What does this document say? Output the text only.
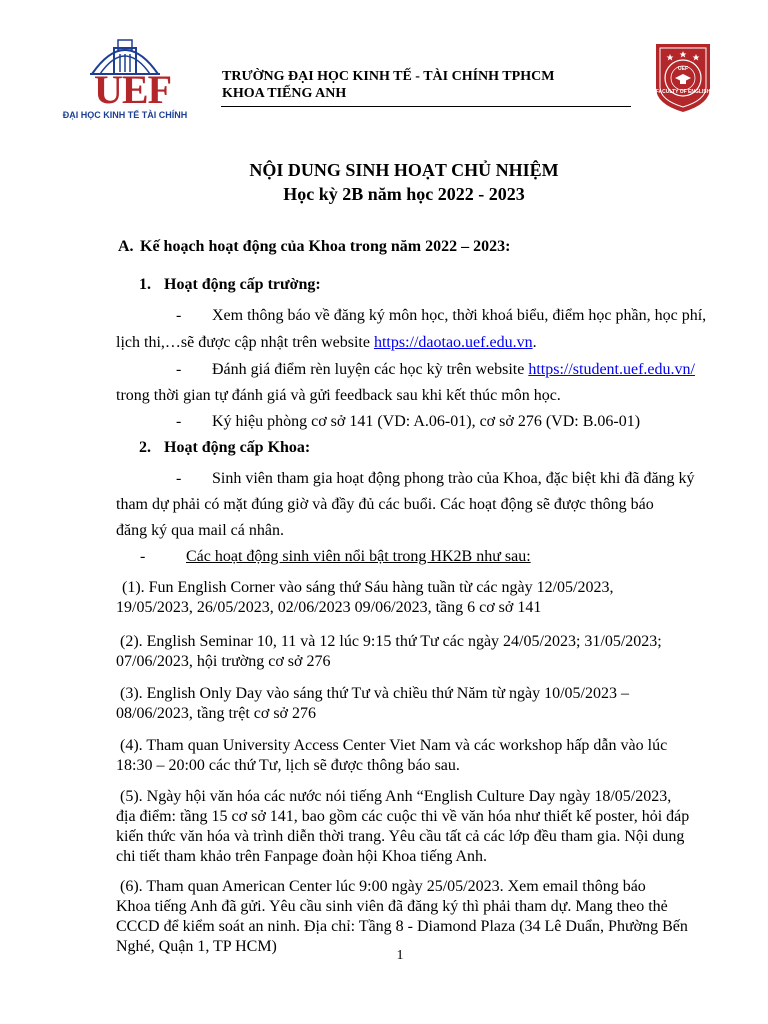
UEF
ĐẠI HỌC KINH TẾ TÀI CHÍNH
TRƯỜNG ĐẠI HỌC KINH TẾ - TÀI CHÍNH TPHCM
KHOA TIẾNG ANH
UEF
FACULTY OF ENGLISH
NỘI DUNG SINH HOẠT CHỦ NHIỆM
Học kỳ 2B năm học 2022 - 2023
A. Kế hoạch hoạt động của Khoa trong năm 2022 – 2023:
1. Hoạt động cấp trường:
- Xem thông báo về đăng ký môn học, thời khoá biểu, điểm học phần, học phí,
lịch thi,…sẽ được cập nhật trên website https://daotao.uef.edu.vn.
- Đánh giá điểm rèn luyện các học kỳ trên website https://student.uef.edu.vn/
trong thời gian tự đánh giá và gửi feedback sau khi kết thúc môn học.
- Ký hiệu phòng cơ sở 141 (VD: A.06-01), cơ sở 276 (VD: B.06-01)
2. Hoạt động cấp Khoa:
- Sinh viên tham gia hoạt động phong trào của Khoa, đặc biệt khi đã đăng ký
tham dự phải có mặt đúng giờ và đầy đủ các buổi. Các hoạt động sẽ được thông báo
đăng ký qua mail cá nhân.
-	Các hoạt động sinh viên nổi bật trong HK2B như sau:
(1). Fun English Corner vào sáng thứ Sáu hàng tuần từ các ngày 12/05/2023,
19/05/2023, 26/05/2023, 02/06/2023 09/06/2023, tầng 6 cơ sở 141
(2). English Seminar 10, 11 và 12 lúc 9:15 thứ Tư các ngày 24/05/2023; 31/05/2023;
07/06/2023, hội trường cơ sở 276
(3). English Only Day vào sáng thứ Tư và chiều thứ Năm từ ngày 10/05/2023 –
08/06/2023, tầng trệt cơ sở 276
(4). Tham quan University Access Center Viet Nam và các workshop hấp dẫn vào lúc
18:30 – 20:00 các thứ Tư, lịch sẽ được thông báo sau.
(5). Ngày hội văn hóa các nước nói tiếng Anh “English Culture Day ngày 18/05/2023,
địa điểm: tầng 15 cơ sở 141, bao gồm các cuộc thi về văn hóa như thiết kế poster, hỏi đáp
kiến thức văn hóa và trình diễn thời trang. Yêu cầu tất cả các lớp đều tham gia. Nội dung
chi tiết tham khảo trên Fanpage đoàn hội Khoa tiếng Anh.
(6). Tham quan American Center lúc 9:00 ngày 25/05/2023. Xem email thông báo
Khoa tiếng Anh đã gửi. Yêu cầu sinh viên đã đăng ký thì phải tham dự. Mang theo thẻ
CCCD để kiểm soát an ninh. Địa chỉ: Tầng 8 - Diamond Plaza (34 Lê Duẩn, Phường Bến
Nghé, Quận 1, TP HCM)
1
